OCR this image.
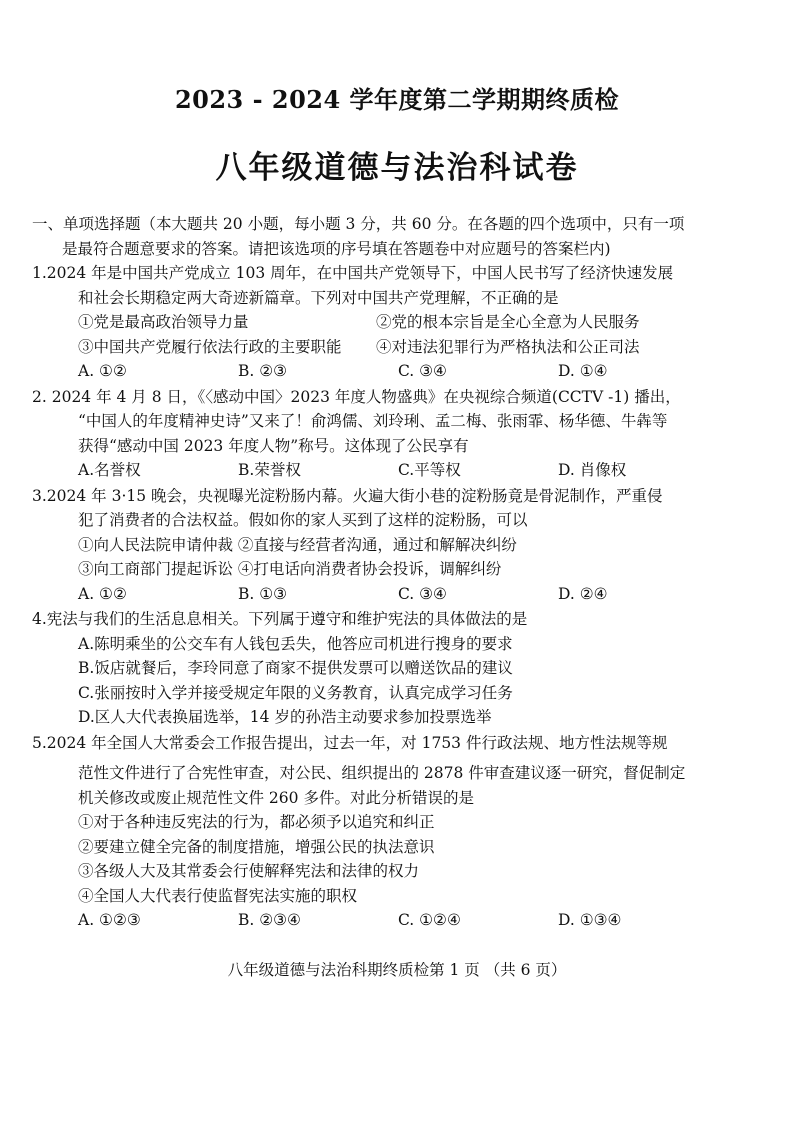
2023 - 2024 学年度第二学期期终质检
八年级道德与法治科试卷
一、单项选择题（本大题共 20 小题，每小题 3 分，共 60 分。在各题的四个选项中，只有一项
是最符合题意要求的答案。请把该选项的序号填在答题卷中对应题号的答案栏内)
1.2024 年是中国共产党成立 103 周年，在中国共产党领导下，中国人民书写了经济快速发展
和社会长期稳定两大奇迹新篇章。下列对中国共产党理解，不正确的是
①党是最高政治领导力量	②党的根本宗旨是全心全意为人民服务
③中国共产党履行依法行政的主要职能	④对违法犯罪行为严格执法和公正司法
A. ①②	B. ②③	C. ③④	D. ①④
2. 2024 年 4 月 8 日，《〈感动中国〉2023 年度人物盛典》在央视综合频道(CCTV -1) 播出，
“中国人的年度精神史诗”又来了！俞鸿儒、刘玲琍、孟二梅、张雨霏、杨华德、牛犇等
获得“感动中国 2023 年度人物”称号。这体现了公民享有
A.名誉权	B.荣誉权	C.平等权	D. 肖像权
3.2024 年 3·15 晚会，央视曝光淀粉肠内幕。火遍大街小巷的淀粉肠竟是骨泥制作，严重侵
犯了消费者的合法权益。假如你的家人买到了这样的淀粉肠，可以
①向人民法院申请仲裁 ②直接与经营者沟通，通过和解解决纠纷
③向工商部门提起诉讼 ④打电话向消费者协会投诉，调解纠纷
A. ①②	B. ①③	C. ③④	D. ②④
4.宪法与我们的生活息息相关。下列属于遵守和维护宪法的具体做法的是
A.陈明乘坐的公交车有人钱包丢失，他答应司机进行搜身的要求
B.饭店就餐后，李玲同意了商家不提供发票可以赠送饮品的建议
C.张丽按时入学并接受规定年限的义务教育，认真完成学习任务
D.区人大代表换届选举，14 岁的孙浩主动要求参加投票选举
5.2024 年全国人大常委会工作报告提出，过去一年，对 1753 件行政法规、地方性法规等规
范性文件进行了合宪性审查，对公民、组织提出的 2878 件审查建议逐一研究，督促制定
机关修改或废止规范性文件 260 多件。对此分析错误的是
①对于各种违反宪法的行为，都必须予以追究和纠正
②要建立健全完备的制度措施，增强公民的执法意识
③各级人大及其常委会行使解释宪法和法律的权力
④全国人大代表行使监督宪法实施的职权
A. ①②③	B. ②③④	C. ①②④	D. ①③④
八年级道德与法治科期终质检第 1 页 （共 6 页）
